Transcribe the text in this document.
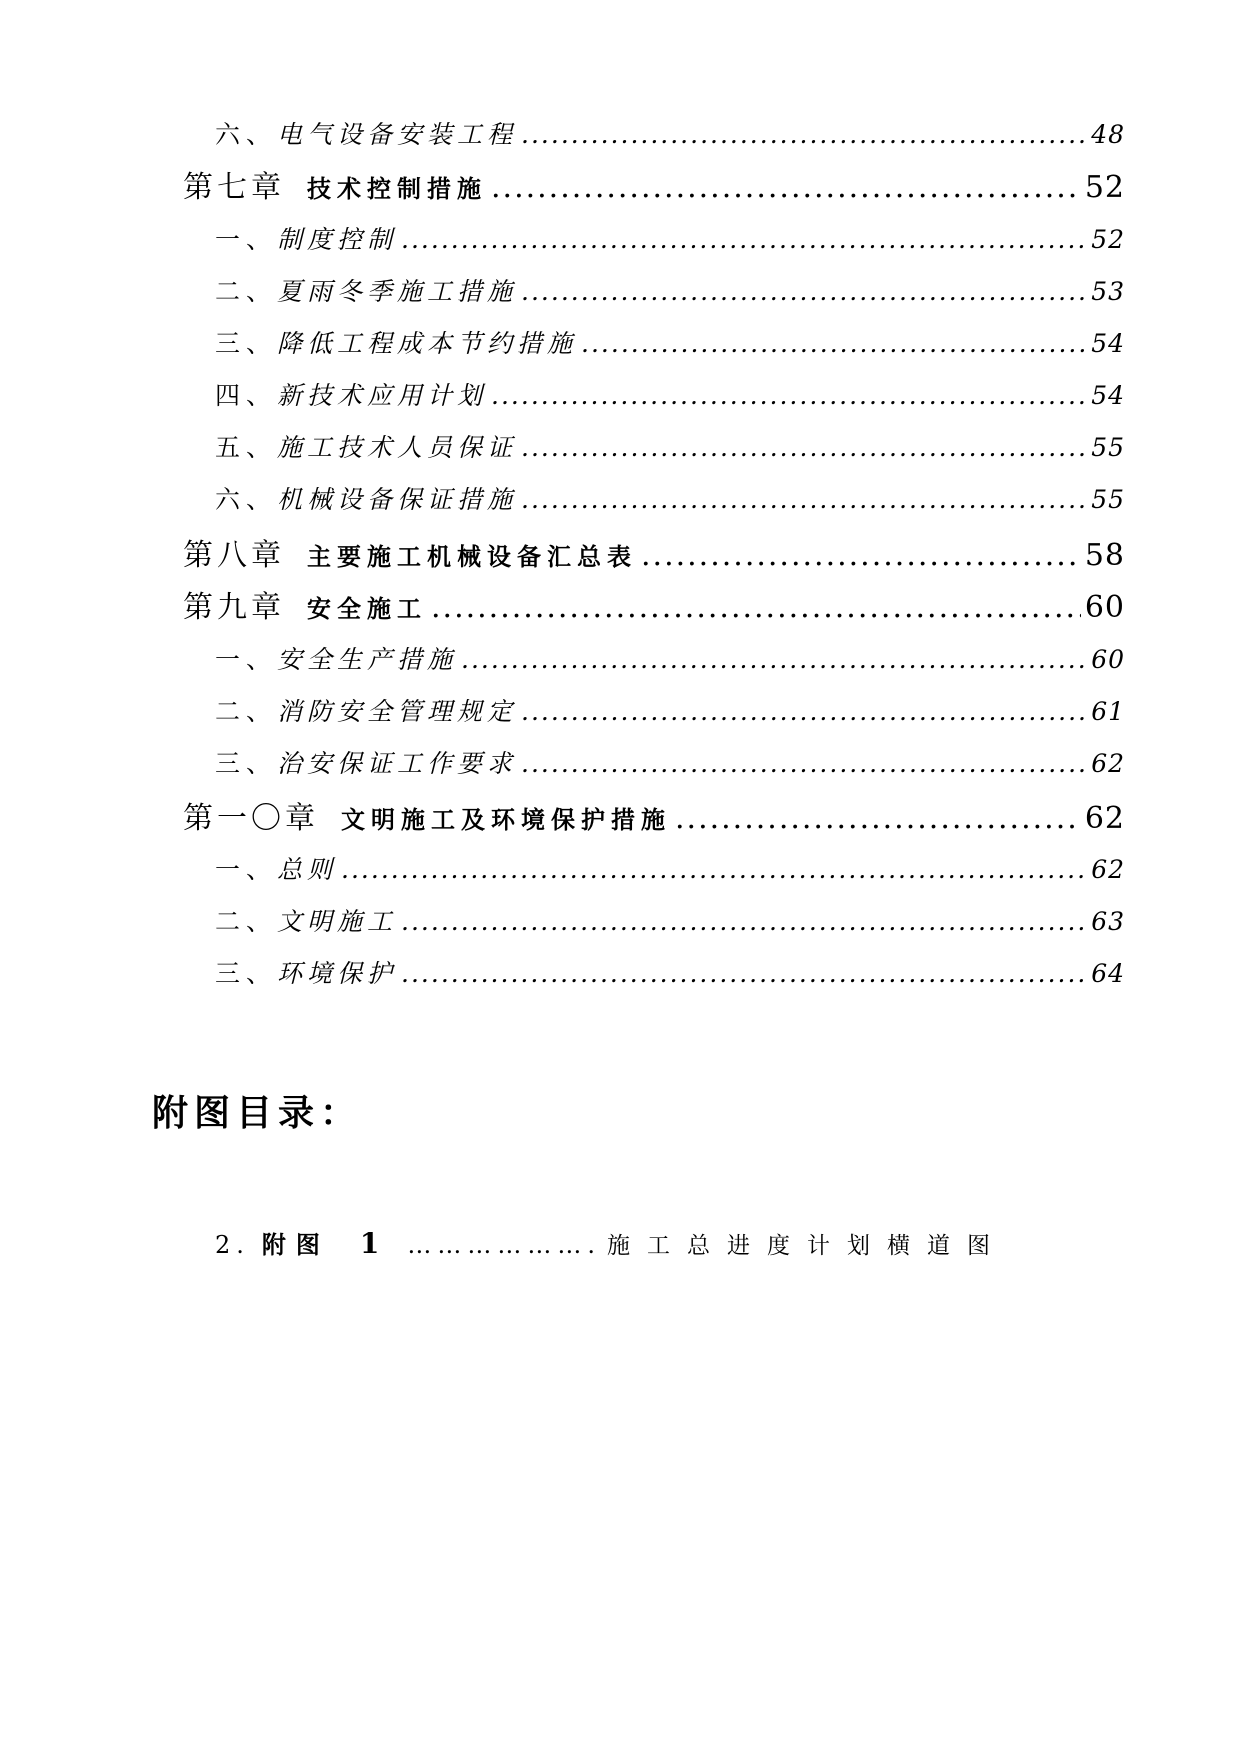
六、 电气设备安装工程 .....	48
第七章 技术控制措施 .....	52
一、 制度控制 .....	52
二、 夏雨冬季施工措施 .....	53
三、 降低工程成本节约措施 .....	54
四、 新技术应用计划 .....	54
五、 施工技术人员保证 .....	55
六、 机械设备保证措施 .....	55
第八章 主要施工机械设备汇总表 .....	58
第九章 安全施工 .....	60
一、 安全生产措施 .....	60
二、 消防安全管理规定 .....	61
三、 治安保证工作要求 .....	62
第一〇章 文明施工及环境保护措施 .....	62
一、 总则 .....	62
二、 文明施工 .....	63
三、 环境保护 .....	64
附图目录：
2. 附图 1 ………………. 施工总进度计划横道图
